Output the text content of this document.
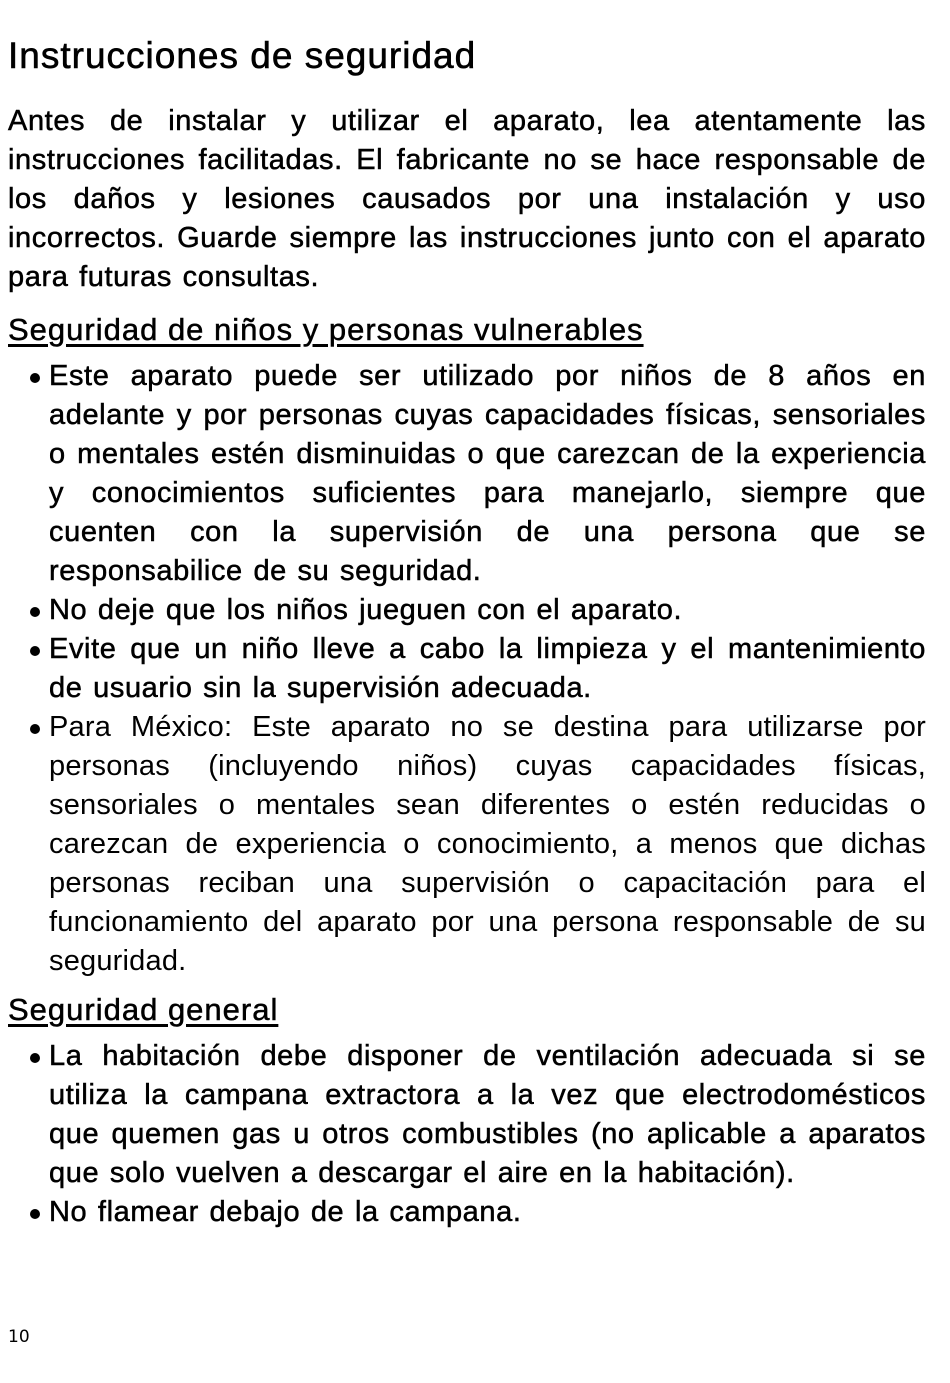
Instrucciones de seguridad

Antes de instalar y utilizar el aparato, lea atentamente las instrucciones facilitadas. El fabricante no se hace responsable de los daños y lesiones causados por una instalación y uso incorrectos. Guarde siempre las instrucciones junto con el aparato para futuras consultas.

Seguridad de niños y personas vulnerables
Este aparato puede ser utilizado por niños de 8 años en adelante y por personas cuyas capacidades físicas, sensoriales o mentales estén disminuidas o que carezcan de la experiencia y conocimientos suficientes para manejarlo, siempre que cuenten con la supervisión de una persona que se responsabilice de su seguridad.
No deje que los niños jueguen con el aparato.
Evite que un niño lleve a cabo la limpieza y el mantenimiento de usuario sin la supervisión adecuada.
Para México: Este aparato no se destina para utilizarse por personas (incluyendo niños) cuyas capacidades físicas, sensoriales o mentales sean diferentes o estén reducidas o carezcan de experiencia o conocimiento, a menos que dichas personas reciban una supervisión o capacitación para el funcionamiento del aparato por una persona responsable de su seguridad.
Seguridad general
La habitación debe disponer de ventilación adecuada si se utiliza la campana extractora a la vez que electrodomésticos que quemen gas u otros combustibles (no aplicable a aparatos que solo vuelven a descargar el aire en la habitación).
No flamear debajo de la campana.
10
